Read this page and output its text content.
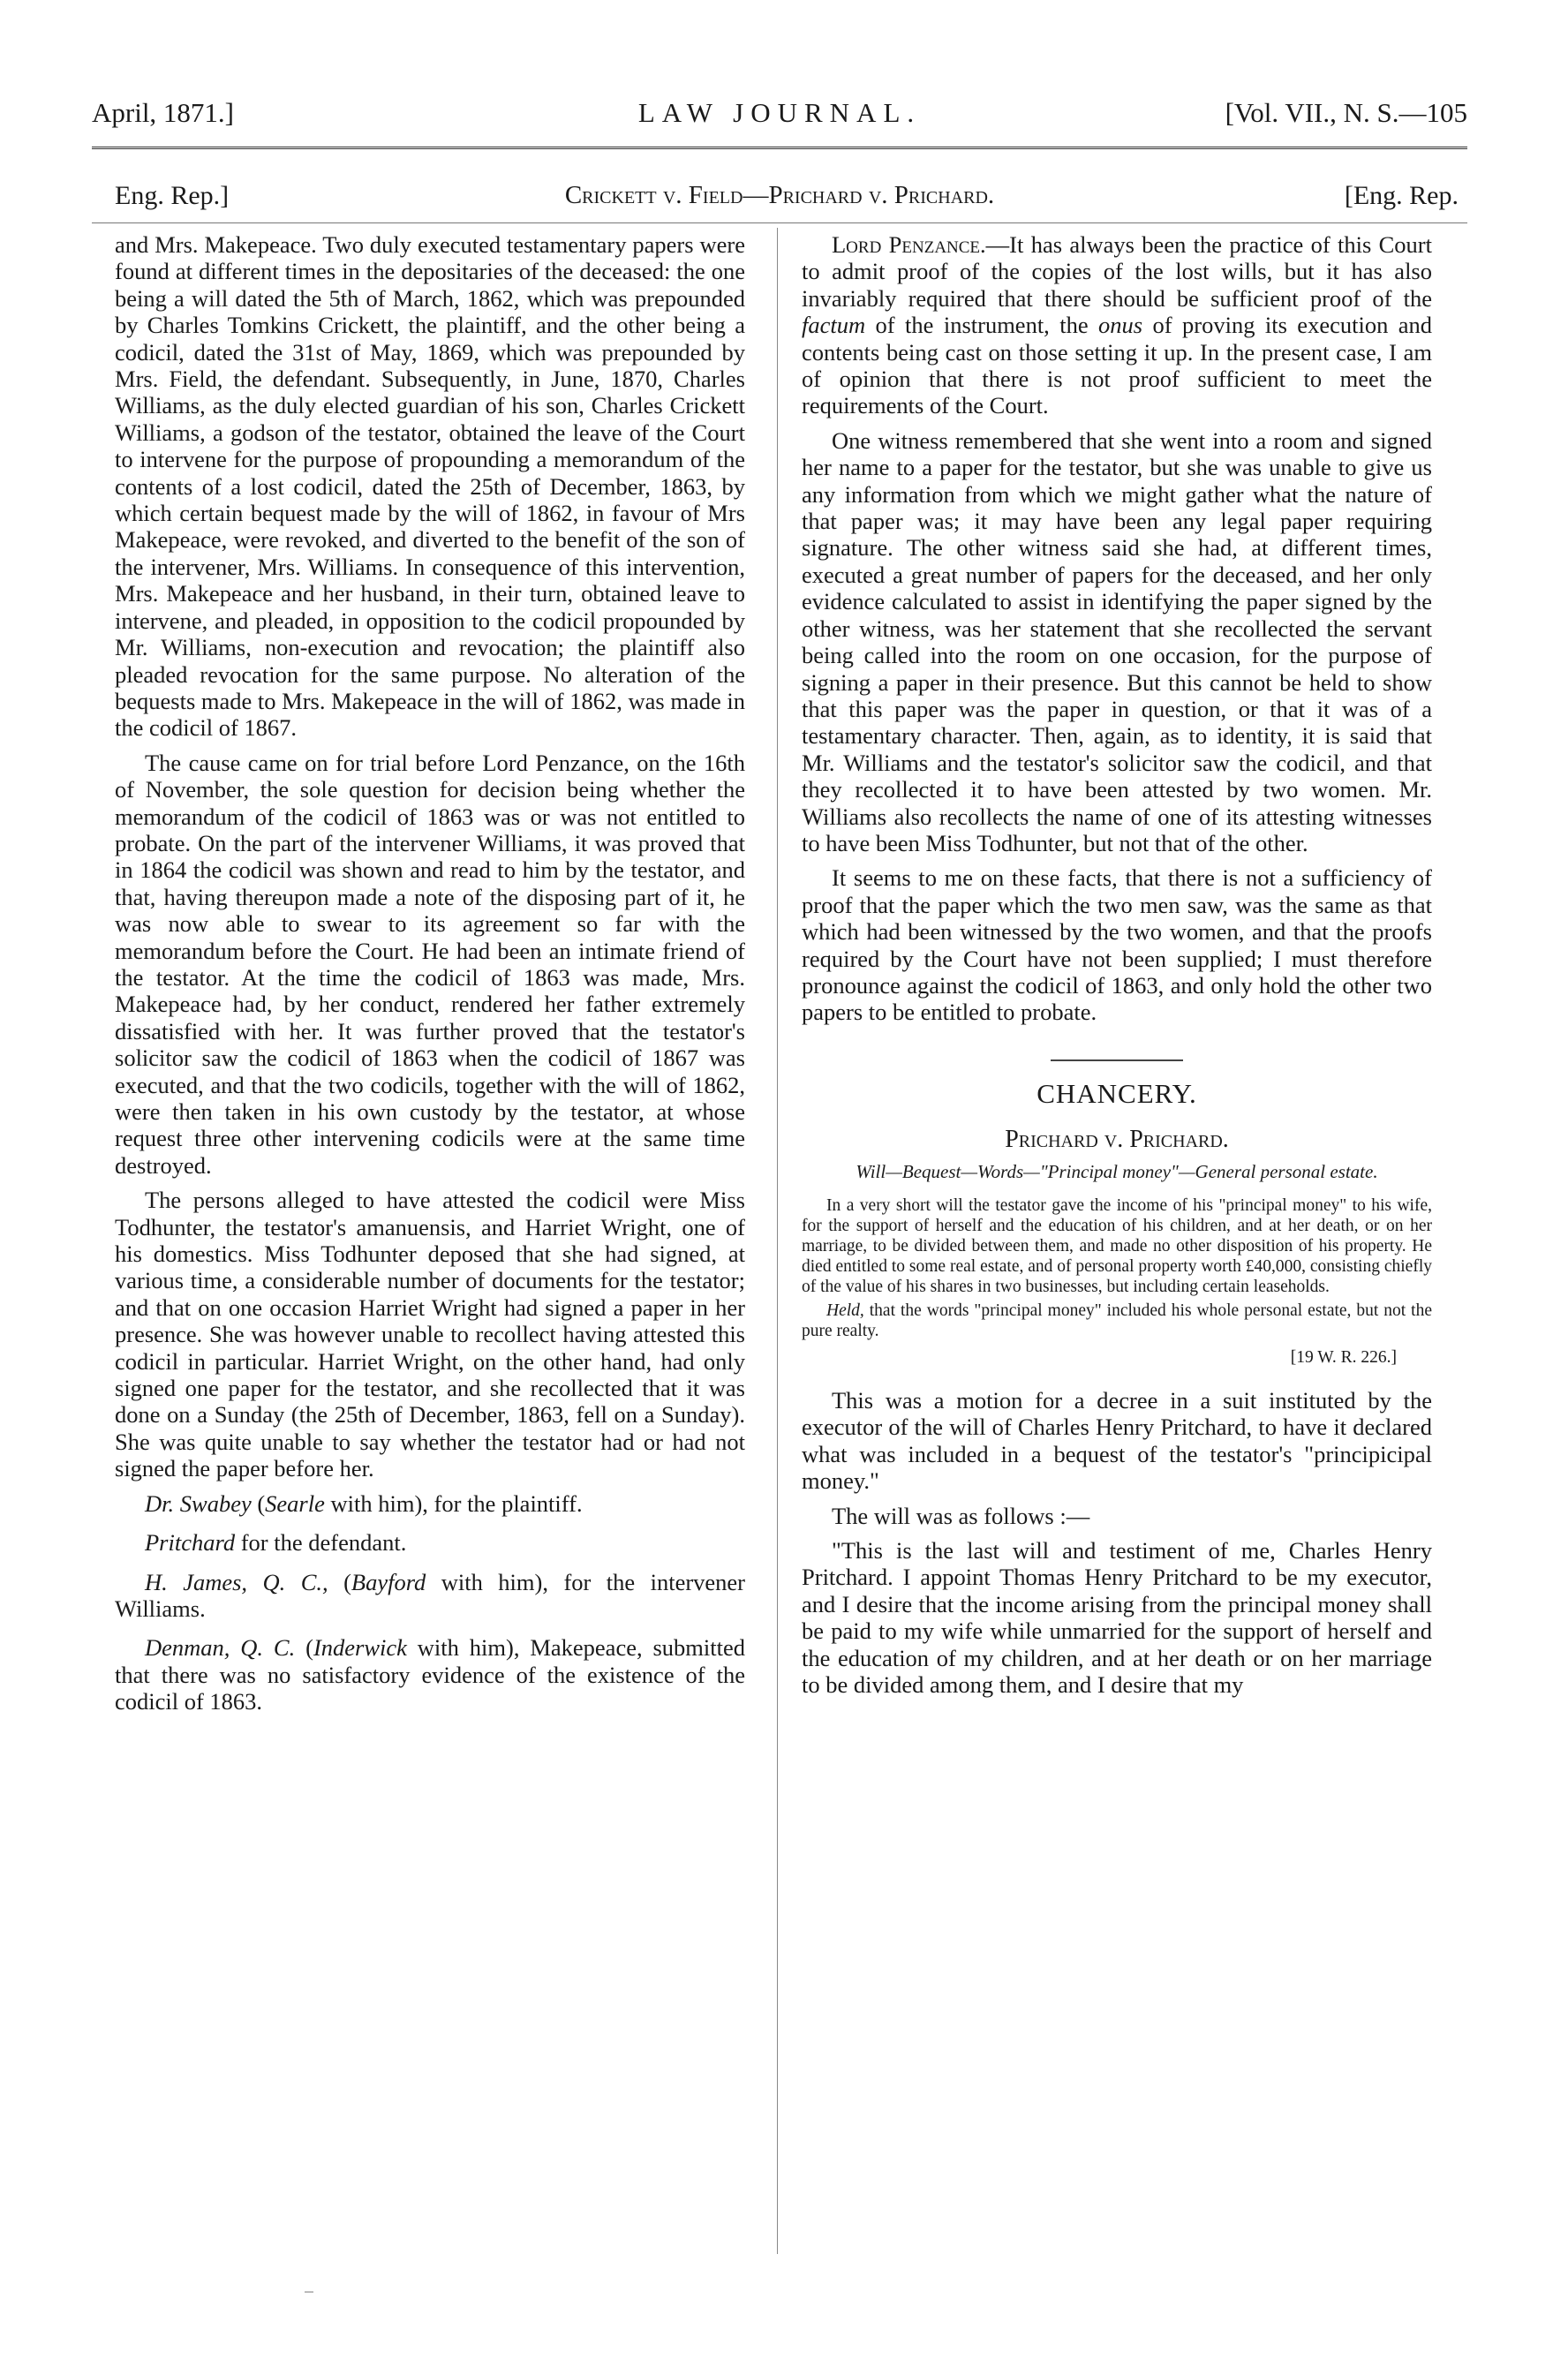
April, 1871.]	LAW JOURNAL.	[Vol. VII., N. S.—105
Eng. Rep.]	Crickett v. Field—Prichard v. Prichard.	[Eng. Rep.

and Mrs. Makepeace. Two duly executed testamentary papers were found at different times in the depositaries of the deceased: the one being a will dated the 5th of March, 1862, which was prepounded by Charles Tomkins Crickett, the plaintiff, and the other being a codicil, dated the 31st of May, 1869, which was prepounded by Mrs. Field, the defendant. Subsequently, in June, 1870, Charles Williams, as the duly elected guardian of his son, Charles Crickett Williams, a godson of the testator, obtained the leave of the Court to intervene for the purpose of propounding a memorandum of the contents of a lost codicil, dated the 25th of December, 1863, by which certain bequest made by the will of 1862, in favour of Mrs Makepeace, were revoked, and diverted to the benefit of the son of the intervener, Mrs. Williams. In consequence of this intervention, Mrs. Makepeace and her husband, in their turn, obtained leave to intervene, and pleaded, in opposition to the codicil propounded by Mr. Williams, non-execution and revocation; the plaintiff also pleaded revocation for the same purpose. No alteration of the bequests made to Mrs. Makepeace in the will of 1862, was made in the codicil of 1867.

The cause came on for trial before Lord Penzance, on the 16th of November, the sole question for decision being whether the memorandum of the codicil of 1863 was or was not entitled to probate. On the part of the intervener Williams, it was proved that in 1864 the codicil was shown and read to him by the testator, and that, having thereupon made a note of the disposing part of it, he was now able to swear to its agreement so far with the memorandum before the Court. He had been an intimate friend of the testator. At the time the codicil of 1863 was made, Mrs. Makepeace had, by her conduct, rendered her father extremely dissatisfied with her. It was further proved that the testator's solicitor saw the codicil of 1863 when the codicil of 1867 was executed, and that the two codicils, together with the will of 1862, were then taken in his own custody by the testator, at whose request three other intervening codicils were at the same time destroyed.

The persons alleged to have attested the codicil were Miss Todhunter, the testator's amanuensis, and Harriet Wright, one of his domestics. Miss Todhunter deposed that she had signed, at various time, a considerable number of documents for the testator; and that on one occasion Harriet Wright had signed a paper in her presence. She was however unable to recollect having attested this codicil in particular. Harriet Wright, on the other hand, had only signed one paper for the testator, and she recollected that it was done on a Sunday (the 25th of December, 1863, fell on a Sunday). She was quite unable to say whether the testator had or had not signed the paper before her.

Dr. Swabey (Searle with him), for the plaintiff.

Pritchard for the defendant.

H. James, Q. C., (Bayford with him), for the intervener Williams.

Denman, Q. C. (Inderwick with him), Makepeace, submitted that there was no satisfactory evidence of the existence of the codicil of 1863.

Lord Penzance.—It has always been the practice of this Court to admit proof of the copies of the lost wills, but it has also invariably required that there should be sufficient proof of the factum of the instrument, the onus of proving its execution and contents being cast on those setting it up. In the present case, I am of opinion that there is not proof sufficient to meet the requirements of the Court.

One witness remembered that she went into a room and signed her name to a paper for the testator, but she was unable to give us any information from which we might gather what the nature of that paper was; it may have been any legal paper requiring signature. The other witness said she had, at different times, executed a great number of papers for the deceased, and her only evidence calculated to assist in identifying the paper signed by the other witness, was her statement that she recollected the servant being called into the room on one occasion, for the purpose of signing a paper in their presence. But this cannot be held to show that this paper was the paper in question, or that it was of a testamentary character. Then, again, as to identity, it is said that Mr. Williams and the testator's solicitor saw the codicil, and that they recollected it to have been attested by two women. Mr. Williams also recollects the name of one of its attesting witnesses to have been Miss Todhunter, but not that of the other.

It seems to me on these facts, that there is not a sufficiency of proof that the paper which the two men saw, was the same as that which had been witnessed by the two women, and that the proofs required by the Court have not been supplied; I must therefore pronounce against the codicil of 1863, and only hold the other two papers to be entitled to probate.

CHANCERY.
Prichard v. Prichard.
Will—Bequest—Words—"Principal money"—General personal estate.
In a very short will the testator gave the income of his "principal money" to his wife, for the support of herself and the education of his children, and at her death, or on her marriage, to be divided between them, and made no other disposition of his property. He died entitled to some real estate, and of personal property worth £40,000, consisting chiefly of the value of his shares in two businesses, but including certain leaseholds.
Held, that the words "principal money" included his whole personal estate, but not the pure realty.
[19 W. R. 226.]

This was a motion for a decree in a suit instituted by the executor of the will of Charles Henry Pritchard, to have it declared what was included in a bequest of the testator's "principicipal money."

The will was as follows :—

"This is the last will and testiment of me, Charles Henry Pritchard. I appoint Thomas Henry Pritchard to be my executor, and I desire that the income arising from the principal money shall be paid to my wife while unmarried for the support of herself and the education of my children, and at her death or on her marriage to be divided among them, and I desire that my
